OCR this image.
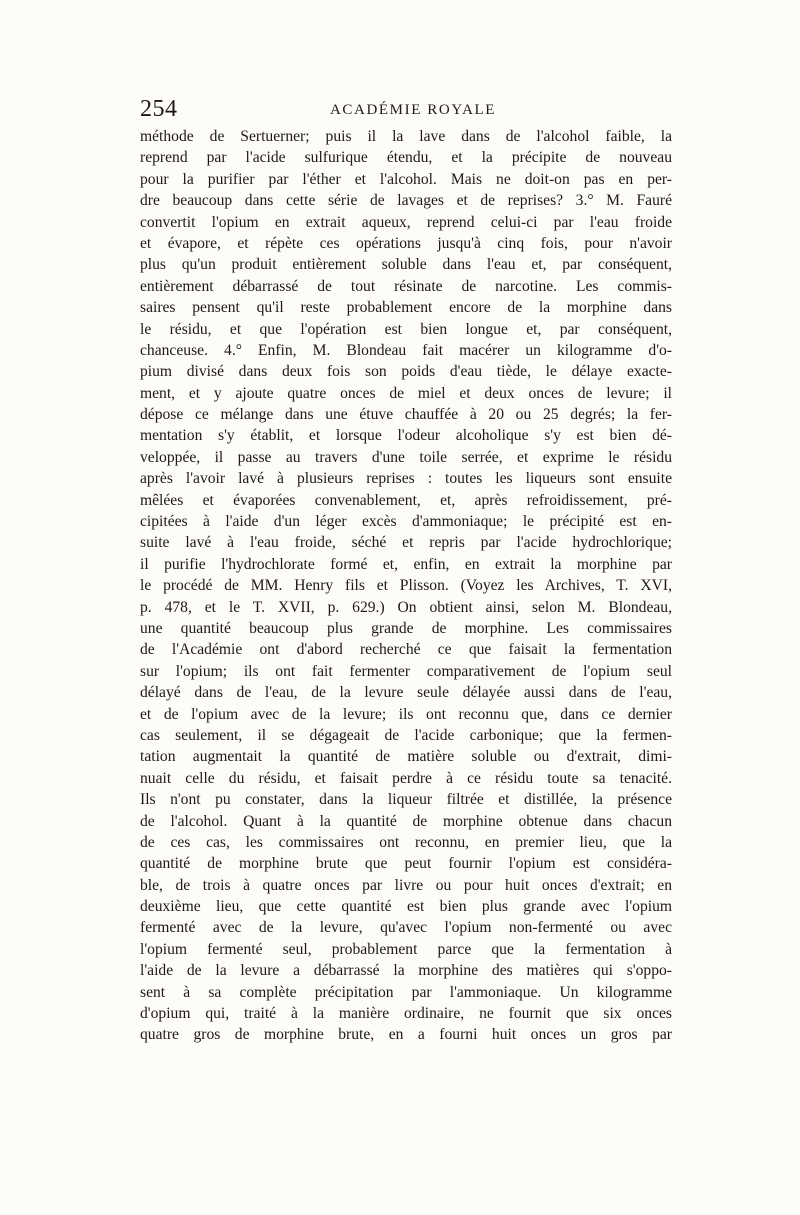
254	ACADÉMIE ROYALE
méthode de Sertuerner; puis il la lave dans de l'alcohol faible, la
reprend par l'acide sulfurique étendu, et la précipite de nouveau
pour la purifier par l'éther et l'alcohol. Mais ne doit-on pas en per-
dre beaucoup dans cette série de lavages et de reprises? 3.° M. Fauré
convertit l'opium en extrait aqueux, reprend celui-ci par l'eau froide
et évapore, et répète ces opérations jusqu'à cinq fois, pour n'avoir
plus qu'un produit entièrement soluble dans l'eau et, par conséquent,
entièrement débarrassé de tout résinate de narcotine. Les commis-
saires pensent qu'il reste probablement encore de la morphine dans
le résidu, et que l'opération est bien longue et, par conséquent,
chanceuse. 4.° Enfin, M. Blondeau fait macérer un kilogramme d'o-
pium divisé dans deux fois son poids d'eau tiède, le délaye exacte-
ment, et y ajoute quatre onces de miel et deux onces de levure; il
dépose ce mélange dans une étuve chauffée à 20 ou 25 degrés; la fer-
mentation s'y établit, et lorsque l'odeur alcoholique s'y est bien dé-
veloppée, il passe au travers d'une toile serrée, et exprime le résidu
après l'avoir lavé à plusieurs reprises : toutes les liqueurs sont ensuite
mêlées et évaporées convenablement, et, après refroidissement, pré-
cipitées à l'aide d'un léger excès d'ammoniaque; le précipité est en-
suite lavé à l'eau froide, séché et repris par l'acide hydrochlorique;
il purifie l'hydrochlorate formé et, enfin, en extrait la morphine par
le procédé de MM. Henry fils et Plisson. (Voyez les Archives, T. XVI,
p. 478, et le T. XVII, p. 629.) On obtient ainsi, selon M. Blondeau,
une quantité beaucoup plus grande de morphine. Les commissaires
de l'Académie ont d'abord recherché ce que faisait la fermentation
sur l'opium; ils ont fait fermenter comparativement de l'opium seul
délayé dans de l'eau, de la levure seule délayée aussi dans de l'eau,
et de l'opium avec de la levure; ils ont reconnu que, dans ce dernier
cas seulement, il se dégageait de l'acide carbonique; que la fermen-
tation augmentait la quantité de matière soluble ou d'extrait, dimi-
nuait celle du résidu, et faisait perdre à ce résidu toute sa tenacité.
Ils n'ont pu constater, dans la liqueur filtrée et distillée, la présence
de l'alcohol. Quant à la quantité de morphine obtenue dans chacun
de ces cas, les commissaires ont reconnu, en premier lieu, que la
quantité de morphine brute que peut fournir l'opium est considéra-
ble, de trois à quatre onces par livre ou pour huit onces d'extrait; en
deuxième lieu, que cette quantité est bien plus grande avec l'opium
fermenté avec de la levure, qu'avec l'opium non-fermenté ou avec
l'opium fermenté seul, probablement parce que la fermentation à
l'aide de la levure a débarrassé la morphine des matières qui s'oppo-
sent à sa complète précipitation par l'ammoniaque. Un kilogramme
d'opium qui, traité à la manière ordinaire, ne fournit que six onces
quatre gros de morphine brute, en a fourni huit onces un gros par
